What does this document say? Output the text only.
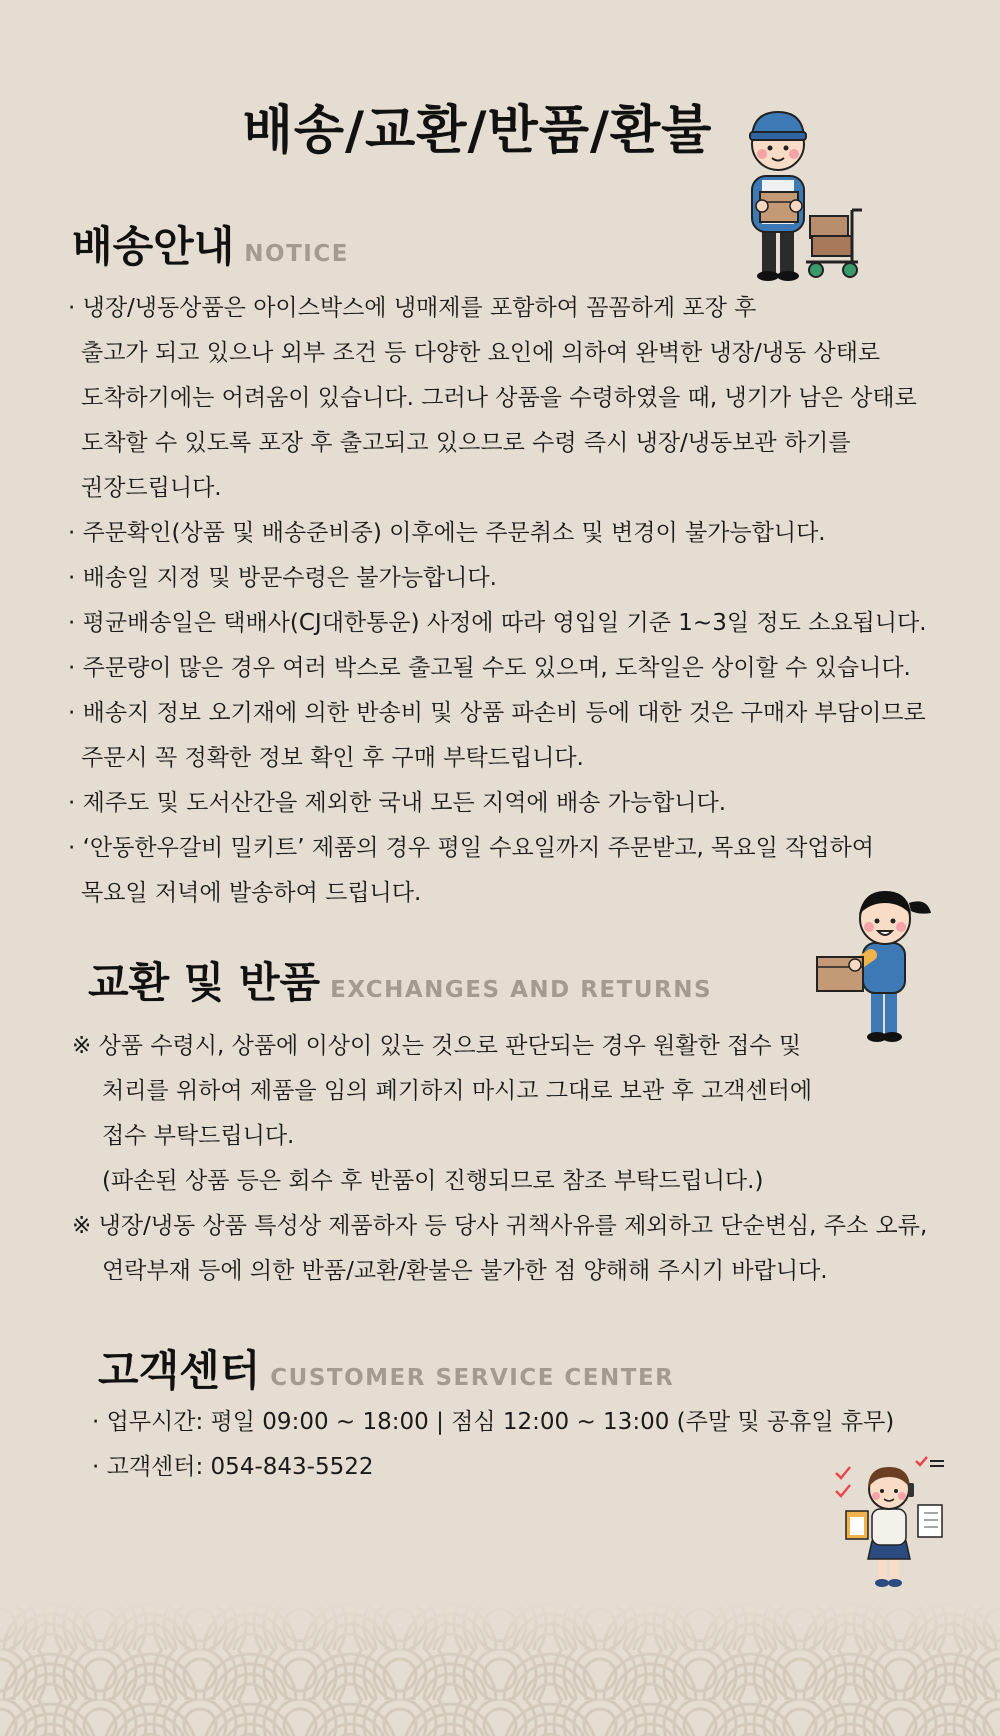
배송/교환/반품/환불
배송안내 NOTICE
· 냉장/냉동상품은 아이스박스에 냉매제를 포함하여 꼼꼼하게 포장 후
출고가 되고 있으나 외부 조건 등 다양한 요인에 의하여 완벽한 냉장/냉동 상태로
도착하기에는 어려움이 있습니다. 그러나 상품을 수령하였을 때, 냉기가 남은 상태로
도착할 수 있도록 포장 후 출고되고 있으므로 수령 즉시 냉장/냉동보관 하기를
권장드립니다.
· 주문확인(상품 및 배송준비중) 이후에는 주문취소 및 변경이 불가능합니다.
· 배송일 지정 및 방문수령은 불가능합니다.
· 평균배송일은 택배사(CJ대한통운) 사정에 따라 영입일 기준 1~3일 정도 소요됩니다.
· 주문량이 많은 경우 여러 박스로 출고될 수도 있으며, 도착일은 상이할 수 있습니다.
· 배송지 정보 오기재에 의한 반송비 및 상품 파손비 등에 대한 것은 구매자 부담이므로
주문시 꼭 정확한 정보 확인 후 구매 부탁드립니다.
· 제주도 및 도서산간을 제외한 국내 모든 지역에 배송 가능합니다.
· ‘안동한우갈비 밀키트’ 제품의 경우 평일 수요일까지 주문받고, 목요일 작업하여
목요일 저녁에 발송하여 드립니다.
교환 및 반품 EXCHANGES AND RETURNS
※ 상품 수령시, 상품에 이상이 있는 것으로 판단되는 경우 원활한 접수 및
처리를 위하여 제품을 임의 폐기하지 마시고 그대로 보관 후 고객센터에
접수 부탁드립니다.
(파손된 상품 등은 회수 후 반품이 진행되므로 참조 부탁드립니다.)
※ 냉장/냉동 상품 특성상 제품하자 등 당사 귀책사유를 제외하고 단순변심, 주소 오류,
연락부재 등에 의한 반품/교환/환불은 불가한 점 양해해 주시기 바랍니다.
고객센터 CUSTOMER SERVICE CENTER
· 업무시간: 평일 09:00 ~ 18:00 | 점심 12:00 ~ 13:00 (주말 및 공휴일 휴무)
· 고객센터: 054-843-5522
